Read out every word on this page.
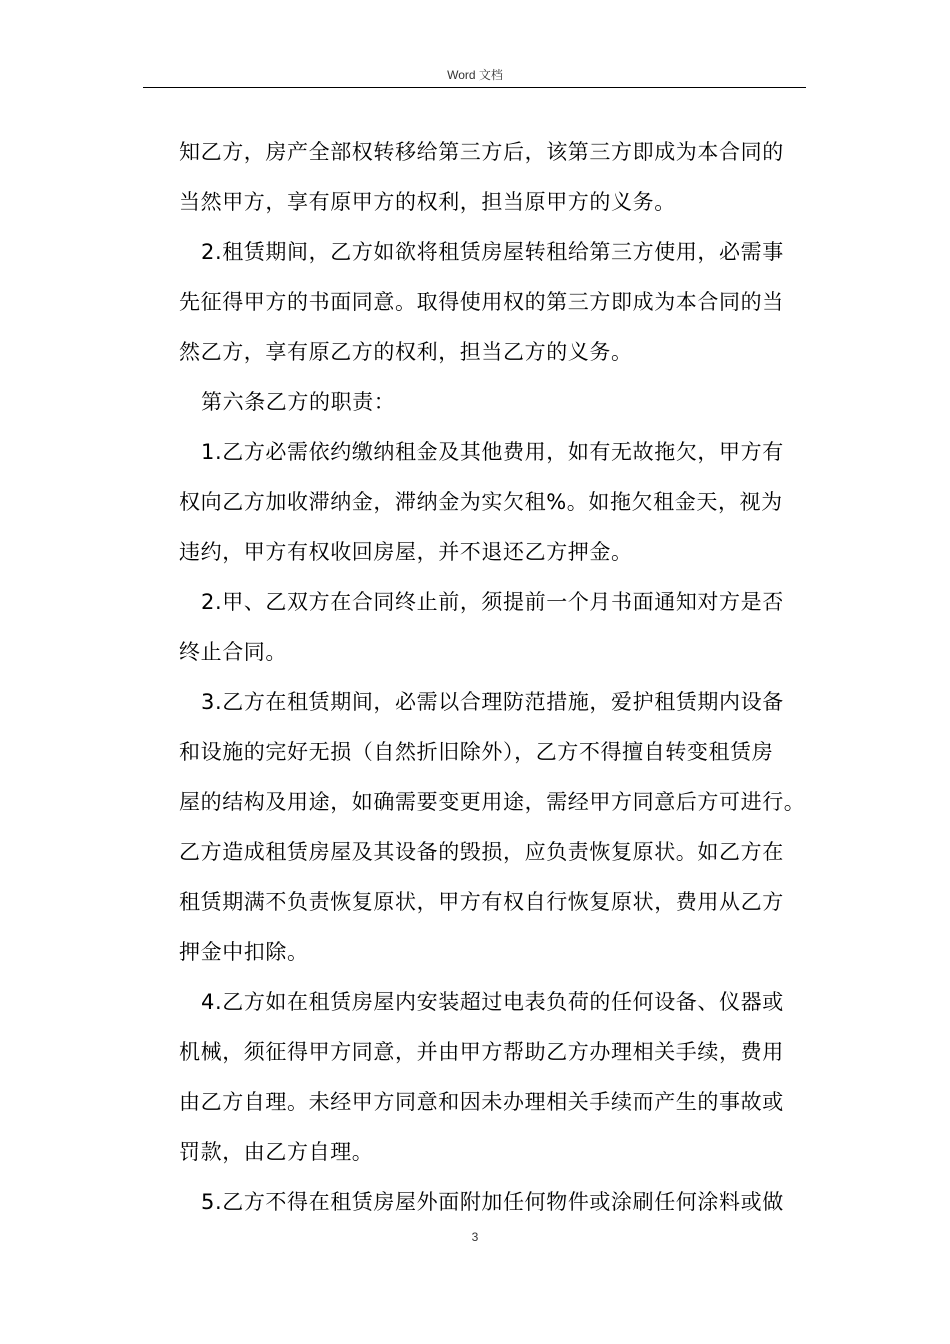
Word 文档

知乙方，房产全部权转移给第三方后，该第三方即成为本合同的

当然甲方，享有原甲方的权利，担当原甲方的义务。

2.租赁期间，乙方如欲将租赁房屋转租给第三方使用，必需事

先征得甲方的书面同意。取得使用权的第三方即成为本合同的当

然乙方，享有原乙方的权利，担当乙方的义务。

第六条乙方的职责：

1.乙方必需依约缴纳租金及其他费用，如有无故拖欠，甲方有

权向乙方加收滞纳金，滞纳金为实欠租%。如拖欠租金天，视为

违约，甲方有权收回房屋，并不退还乙方押金。

2.甲、乙双方在合同终止前，须提前一个月书面通知对方是否

终止合同。

3.乙方在租赁期间，必需以合理防范措施，爱护租赁期内设备

和设施的完好无损（自然折旧除外），乙方不得擅自转变租赁房

屋的结构及用途，如确需要变更用途，需经甲方同意后方可进行。

乙方造成租赁房屋及其设备的毁损，应负责恢复原状。如乙方在

租赁期满不负责恢复原状，甲方有权自行恢复原状，费用从乙方

押金中扣除。

4.乙方如在租赁房屋内安装超过电表负荷的任何设备、仪器或

机械，须征得甲方同意，并由甲方帮助乙方办理相关手续，费用

由乙方自理。未经甲方同意和因未办理相关手续而产生的事故或

罚款，由乙方自理。

5.乙方不得在租赁房屋外面附加任何物件或涂刷任何涂料或做

3
